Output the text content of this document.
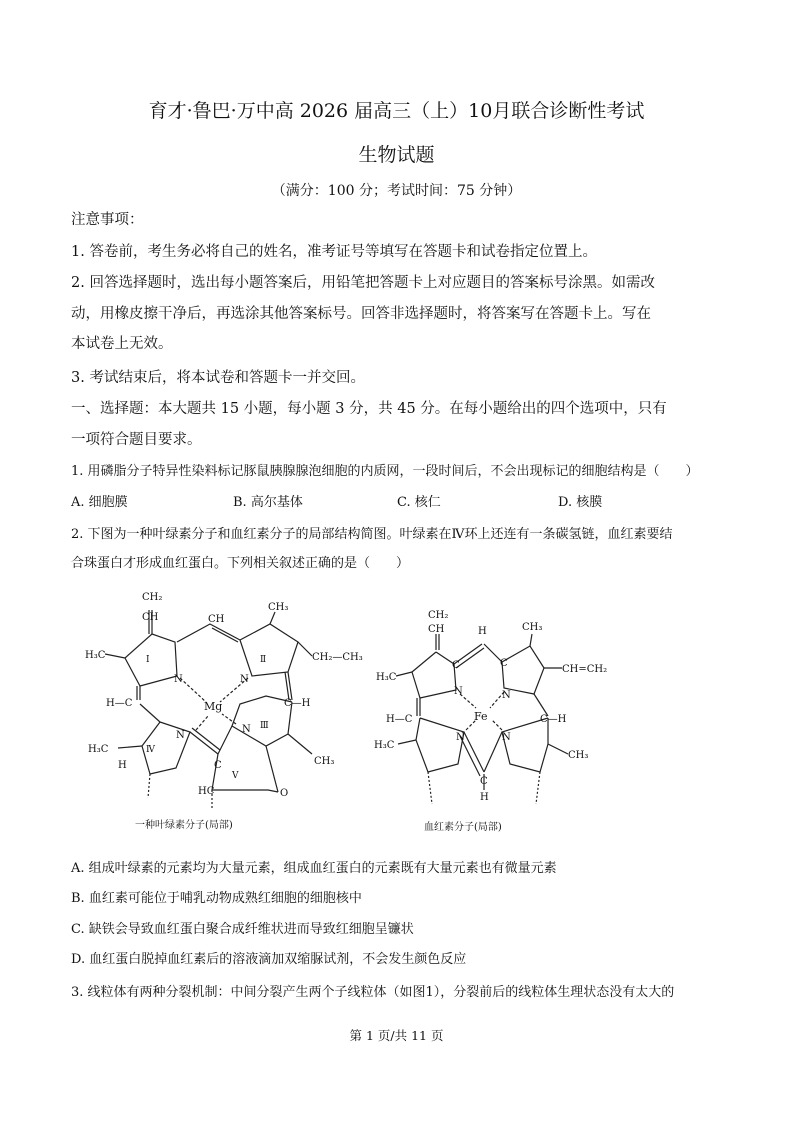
育才·鲁巴·万中高 2026 届高三（上）10月联合诊断性考试
生物试题
（满分：100 分；考试时间：75 分钟）
注意事项：
1. 答卷前，考生务必将自己的姓名，准考证号等填写在答题卡和试卷指定位置上。
2. 回答选择题时，选出每小题答案后，用铅笔把答题卡上对应题目的答案标号涂黑。如需改
动，用橡皮擦干净后，再选涂其他答案标号。回答非选择题时，将答案写在答题卡上。写在
本试卷上无效。
3. 考试结束后，将本试卷和答题卡一并交回。
一、选择题：本大题共 15 小题，每小题 3 分，共 45 分。在每小题给出的四个选项中，只有
一项符合题目要求。
1. 用磷脂分子特异性染料标记豚鼠胰腺腺泡细胞的内质网，一段时间后，不会出现标记的细胞结构是（　　）
A. 细胞膜	B. 高尔基体	C. 核仁	D. 核膜
2. 下图为一种叶绿素分子和血红素分子的局部结构简图。叶绿素在Ⅳ环上还连有一条碳氢链，血红素要结
合珠蛋白才形成血红蛋白。下列相关叙述正确的是（　　）
CH₂
CH
CH₃
H₃C	CH₂—CH₃
CH
H—C	C—H
Mg
Ⅰ	Ⅱ
Ⅲ
Ⅳ
Ⅴ
H₃C
H	CH₃
N	N
N
N
C
HC	O
一种叶绿素分子(局部)
CH₂
CH	H	CH₃
CH=CH₂
H₃C
H—C	C—H
Fe
H₃C
CH₃
N	N
N	N
C	C
C
H
血红素分子(局部)
A. 组成叶绿素的元素均为大量元素，组成血红蛋白的元素既有大量元素也有微量元素
B. 血红素可能位于哺乳动物成熟红细胞的细胞核中
C. 缺铁会导致血红蛋白聚合成纤维状进而导致红细胞呈镰状
D. 血红蛋白脱掉血红素后的溶液滴加双缩脲试剂，不会发生颜色反应
3. 线粒体有两种分裂机制：中间分裂产生两个子线粒体（如图1），分裂前后的线粒体生理状态没有太大的
第 1 页/共 11 页
